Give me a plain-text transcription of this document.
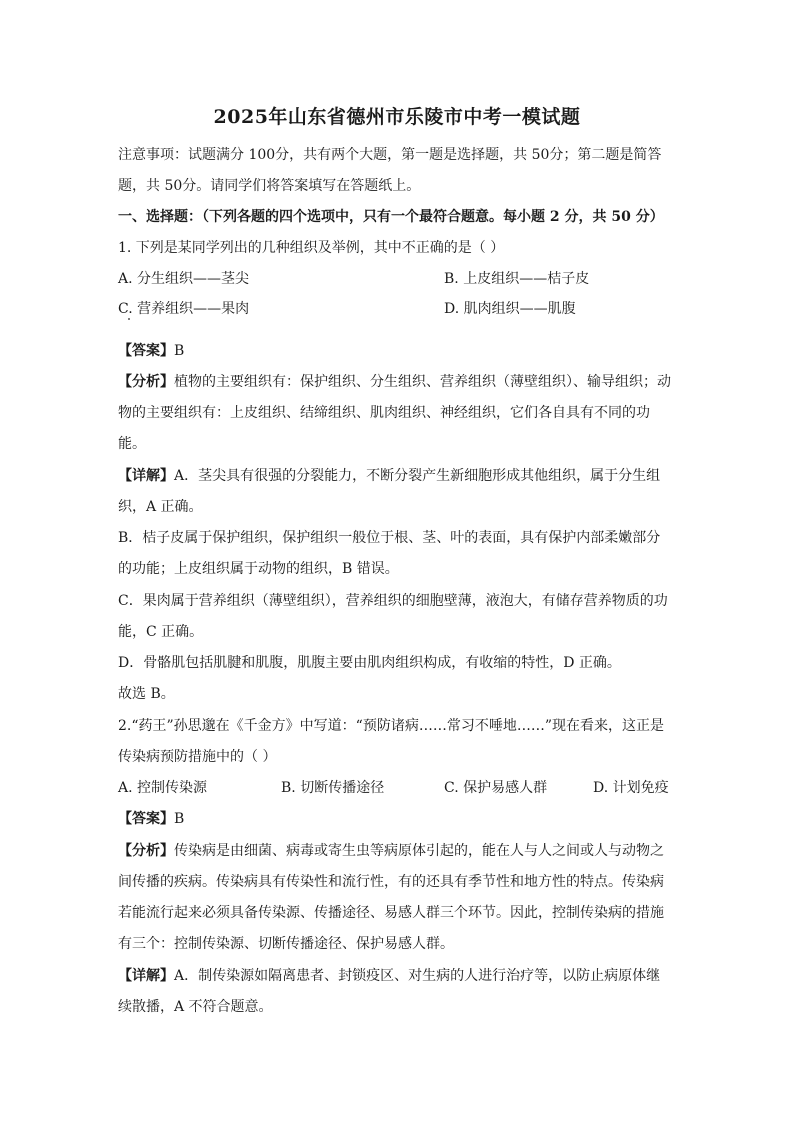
2025年山东省德州市乐陵市中考一模试题
注意事项：试题满分 100分，共有两个大题，第一题是选择题，共 50分；第二题是简答
题，共 50分。请同学们将答案填写在答题纸上。
一、选择题：（下列各题的四个选项中，只有一个最符合题意。每小题 2 分，共 50 分）
1. 下列是某同学列出的几种组织及举例，其中不正确的是（ ）
A. 分生组织——茎尖	B. 上皮组织——桔子皮
C. 营养组织——果肉	D. 肌肉组织——肌腹
【答案】B
【分析】植物的主要组织有：保护组织、分生组织、营养组织（薄壁组织）、输导组织；动
物的主要组织有：上皮组织、结缔组织、肌肉组织、神经组织，它们各自具有不同的功
能。
【详解】A．茎尖具有很强的分裂能力，不断分裂产生新细胞形成其他组织，属于分生组
织，A 正确。
B．桔子皮属于保护组织，保护组织一般位于根、茎、叶的表面，具有保护内部柔嫩部分
的功能；上皮组织属于动物的组织，B 错误。
C．果肉属于营养组织（薄壁组织），营养组织的细胞壁薄，液泡大，有储存营养物质的功
能，C 正确。
D．骨骼肌包括肌腱和肌腹，肌腹主要由肌肉组织构成，有收缩的特性，D 正确。
故选 B。
2.“药王”孙思邈在《千金方》中写道：“预防诸病……常习不唾地……”现在看来，这正是
传染病预防措施中的（ ）
A. 控制传染源	B. 切断传播途径	C. 保护易感人群	D. 计划免疫
【答案】B
【分析】传染病是由细菌、病毒或寄生虫等病原体引起的，能在人与人之间或人与动物之
间传播的疾病。传染病具有传染性和流行性，有的还具有季节性和地方性的特点。传染病
若能流行起来必须具备传染源、传播途径、易感人群三个环节。因此，控制传染病的措施
有三个：控制传染源、切断传播途径、保护易感人群。
【详解】A．制传染源如隔离患者、封锁疫区、对生病的人进行治疗等，以防止病原体继
续散播，A 不符合题意。
